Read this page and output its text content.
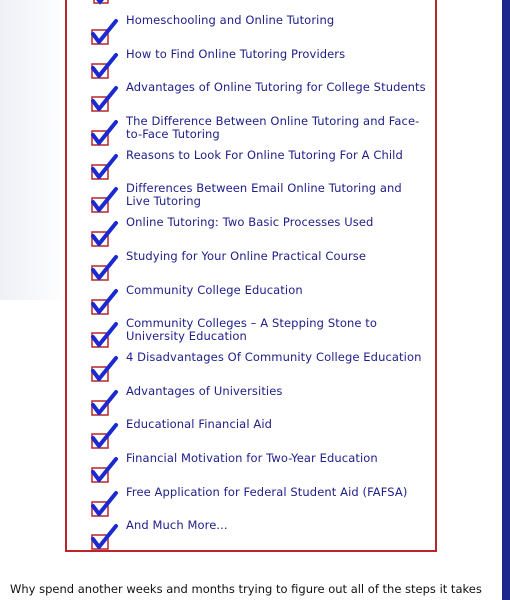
Homeschooling and Online Tutoring
How to Find Online Tutoring Providers
Advantages of Online Tutoring for College Students
The Difference Between Online Tutoring and Face-to-Face Tutoring
Reasons to Look For Online Tutoring For A Child
Differences Between Email Online Tutoring and Live Tutoring
Online Tutoring: Two Basic Processes Used
Studying for Your Online Practical Course
Community College Education
Community Colleges – A Stepping Stone to University Education
4 Disadvantages Of Community College Education
Advantages of Universities
Educational Financial Aid
Financial Motivation for Two-Year Education
Free Application for Federal Student Aid (FAFSA)
And Much More...
Why spend another weeks and months trying to figure out all of the steps it takes
